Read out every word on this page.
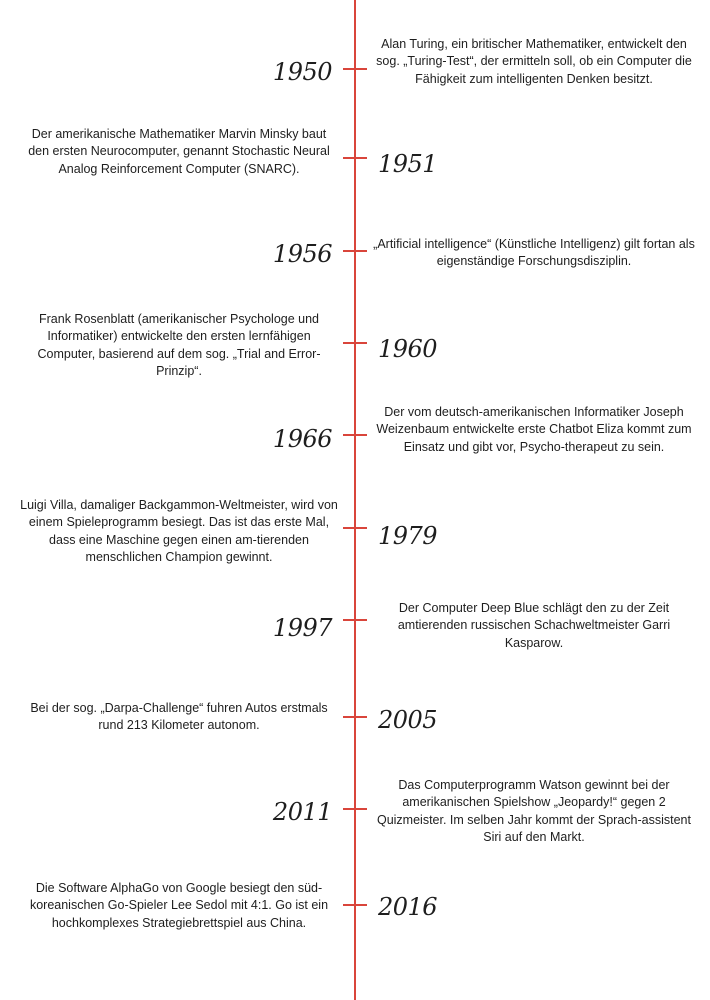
1950
Alan Turing, ein britischer Mathematiker, entwickelt den sog. „Turing-Test“, der ermitteln soll, ob ein Computer die Fähigkeit zum intelligenten Denken besitzt.
1951
Der amerikanische Mathematiker Marvin Minsky baut den ersten Neurocomputer, genannt Stochastic Neural Analog Reinforcement Computer (SNARC).
1956	„Artificial intelligence“ (Künstliche Intelligenz) gilt fortan als eigenständige Forschungsdisziplin.
1960
Frank Rosenblatt (amerikanischer Psychologe und Informatiker) entwickelte den ersten lernfähigen Computer, basierend auf dem sog. „Trial and Error-Prinzip“.
1966
Der vom deutsch-amerikanischen Informatiker Joseph Weizenbaum entwickelte erste Chatbot Eliza kommt zum Einsatz und gibt vor, Psycho-therapeut zu sein.
1979
Luigi Villa, damaliger Backgammon-Weltmeister, wird von einem Spieleprogramm besiegt. Das ist das erste Mal, dass eine Maschine gegen einen am-tierenden menschlichen Champion gewinnt.
1997
Der Computer Deep Blue schlägt den zu der Zeit amtierenden russischen Schachweltmeister Garri Kasparow.
2005
Bei der sog. „Darpa-Challenge“ fuhren Autos erstmals rund 213 Kilometer autonom.
2011
Das Computerprogramm Watson gewinnt bei der amerikanischen Spielshow „Jeopardy!“ gegen 2 Quizmeister. Im selben Jahr kommt der Sprach-assistent Siri auf den Markt.
2016
Die Software AlphaGo von Google besiegt den süd-koreanischen Go-Spieler Lee Sedol mit 4:1. Go ist ein hochkomplexes Strategiebrettspiel aus China.
